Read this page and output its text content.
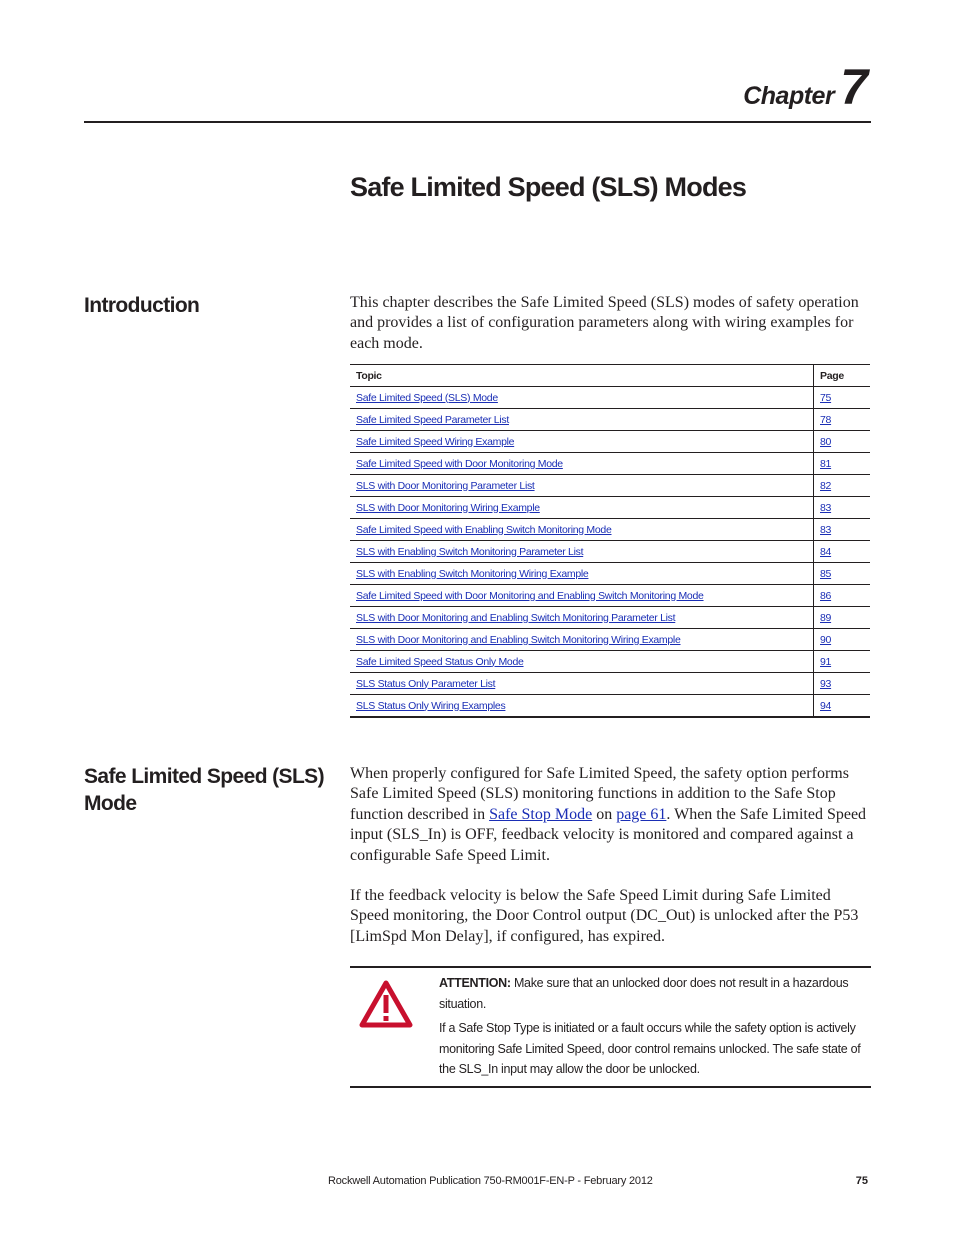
Chapter 7
Safe Limited Speed (SLS) Modes
Introduction	This chapter describes the Safe Limited Speed (SLS) modes of safety operation and provides a list of configuration parameters along with wiring examples for each mode.

Topic	Page
Safe Limited Speed (SLS) Mode	75
Safe Limited Speed Parameter List	78
Safe Limited Speed Wiring Example	80
Safe Limited Speed with Door Monitoring Mode	81
SLS with Door Monitoring Parameter List	82
SLS with Door Monitoring Wiring Example	83
Safe Limited Speed with Enabling Switch Monitoring Mode	83
SLS with Enabling Switch Monitoring Parameter List	84
SLS with Enabling Switch Monitoring Wiring Example	85
Safe Limited Speed with Door Monitoring and Enabling Switch Monitoring Mode	86
SLS with Door Monitoring and Enabling Switch Monitoring Parameter List	89
SLS with Door Monitoring and Enabling Switch Monitoring Wiring Example	90
Safe Limited Speed Status Only Mode	91
SLS Status Only Parameter List	93
SLS Status Only Wiring Examples	94
Safe Limited Speed (SLS) Mode

When properly configured for Safe Limited Speed, the safety option performs Safe Limited Speed (SLS) monitoring functions in addition to the Safe Stop function described in Safe Stop Mode on page 61. When the Safe Limited Speed input (SLS_In) is OFF, feedback velocity is monitored and compared against a configurable Safe Speed Limit.

If the feedback velocity is below the Safe Speed Limit during Safe Limited Speed monitoring, the Door Control output (DC_Out) is unlocked after the P53 [LimSpd Mon Delay], if configured, has expired.

ATTENTION: Make sure that an unlocked door does not result in a hazardous situation.

If a Safe Stop Type is initiated or a fault occurs while the safety option is actively monitoring Safe Limited Speed, door control remains unlocked. The safe state of the SLS_In input may allow the door be unlocked.

Rockwell Automation Publication 750-RM001F-EN-P - February 2012	75
